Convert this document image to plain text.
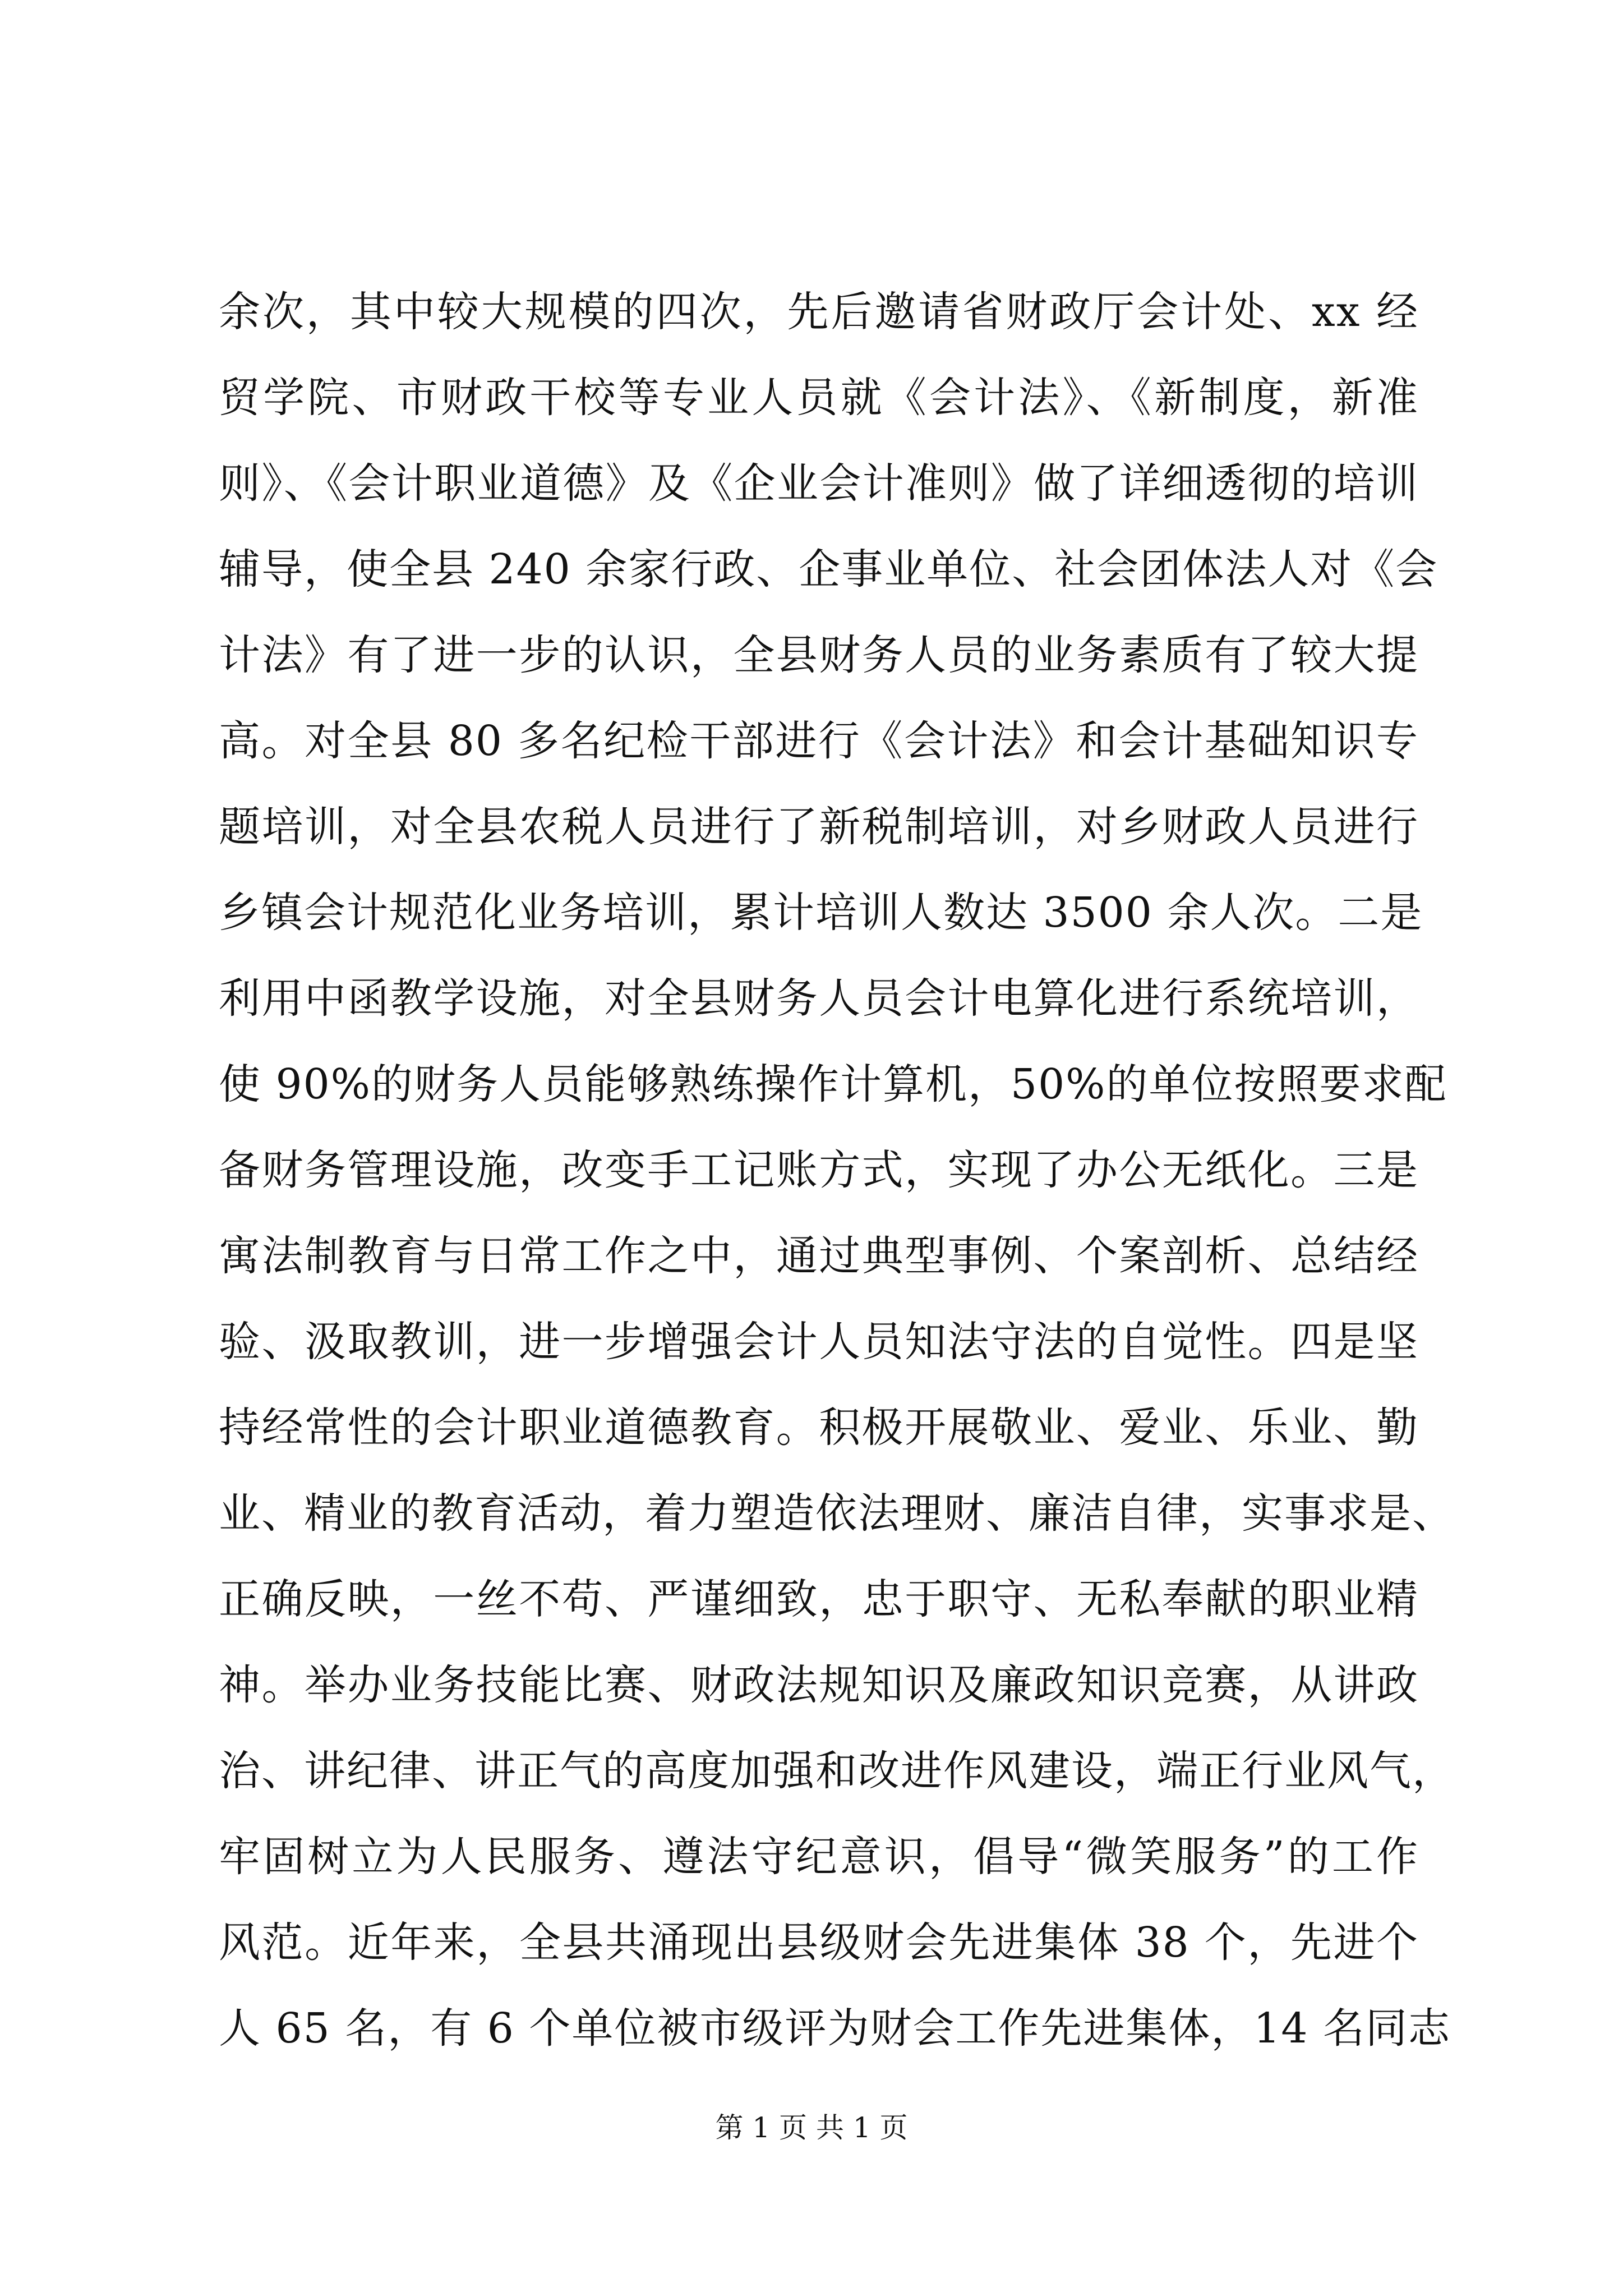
余次，其中较大规模的四次，先后邀请省财政厅会计处、xx 经
贸学院、市财政干校等专业人员就《会计法》、《新制度，新准
则》、《会计职业道德》及《企业会计准则》做了详细透彻的培训
辅导，使全县 240 余家行政、企事业单位、社会团体法人对《会
计法》有了进一步的认识，全县财务人员的业务素质有了较大提
高。对全县 80 多名纪检干部进行《会计法》和会计基础知识专
题培训，对全县农税人员进行了新税制培训，对乡财政人员进行
乡镇会计规范化业务培训，累计培训人数达 3500 余人次。二是
利用中函教学设施，对全县财务人员会计电算化进行系统培训，
使 90%的财务人员能够熟练操作计算机，50%的单位按照要求配
备财务管理设施，改变手工记账方式，实现了办公无纸化。三是
寓法制教育与日常工作之中，通过典型事例、个案剖析、总结经
验、汲取教训，进一步增强会计人员知法守法的自觉性。四是坚
持经常性的会计职业道德教育。积极开展敬业、爱业、乐业、勤
业、精业的教育活动，着力塑造依法理财、廉洁自律，实事求是、
正确反映，一丝不苟、严谨细致，忠于职守、无私奉献的职业精
神。举办业务技能比赛、财政法规知识及廉政知识竞赛，从讲政
治、讲纪律、讲正气的高度加强和改进作风建设，端正行业风气，
牢固树立为人民服务、遵法守纪意识，倡导“微笑服务”的工作
风范。近年来，全县共涌现出县级财会先进集体 38 个，先进个
人 65 名，有 6 个单位被市级评为财会工作先进集体，14 名同志
第 1 页 共 1 页
